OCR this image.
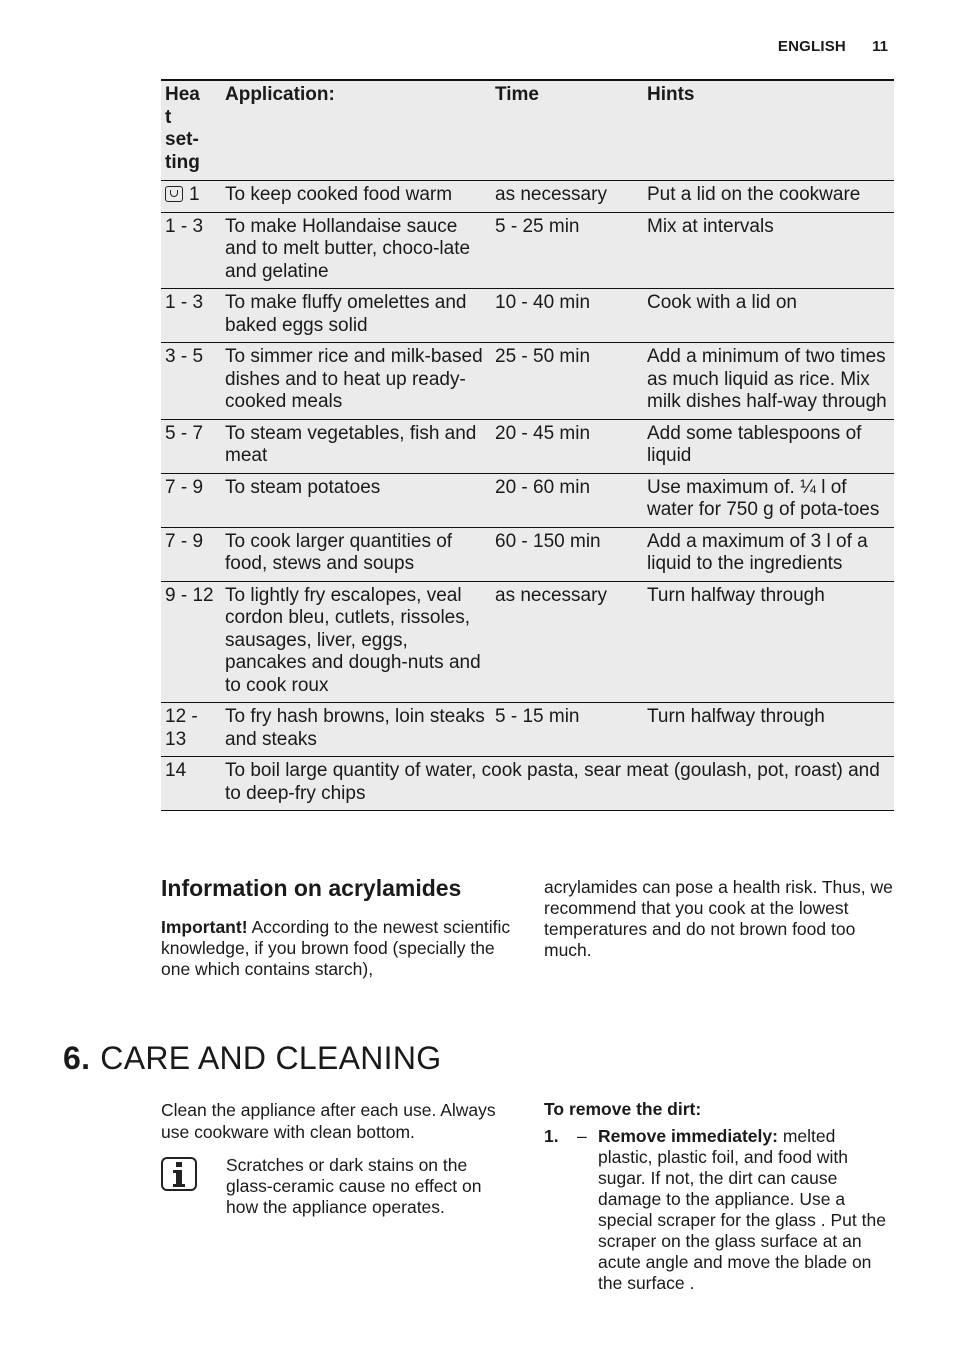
ENGLISH 11
Hea
t
set-
ting	Application:	Time	Hints
1	To keep cooked food warm	as necessary	Put a lid on the cookware
1 - 3	To make Hollandaise sauce and to melt butter, choco-late and gelatine	5 - 25 min	Mix at intervals
1 - 3	To make fluffy omelettes and baked eggs solid	10 - 40 min	Cook with a lid on
3 - 5	To simmer rice and milk-based dishes and to heat up ready-cooked meals	25 - 50 min	Add a minimum of two times as much liquid as rice. Mix milk dishes half-way through
5 - 7	To steam vegetables, fish and meat	20 - 45 min	Add some tablespoons of liquid
7 - 9	To steam potatoes	20 - 60 min	Use maximum of. ¼ l of water for 750 g of pota-toes
7 - 9	To cook larger quantities of food, stews and soups	60 - 150 min	Add a maximum of 3 l of a liquid to the ingredients
9 - 12	To lightly fry escalopes, veal cordon bleu, cutlets, rissoles, sausages, liver, eggs, pancakes and dough-nuts and to cook roux	as necessary	Turn halfway through
12 - 13	To fry hash browns, loin steaks and steaks	5 - 15 min	Turn halfway through
14	To boil large quantity of water, cook pasta, sear meat (goulash, pot, roast) and to deep-fry chips		
Information on acrylamides

Important! According to the newest scientific knowledge, if you brown food (specially the one which contains starch),

acrylamides can pose a health risk. Thus, we recommend that you cook at the lowest temperatures and do not brown food too much.

6. CARE AND CLEANING

Clean the appliance after each use. Always use cookware with clean bottom.

Scratches or dark stains on the glass-ceramic cause no effect on how the appliance operates.

To remove the dirt:

1. – Remove immediately: melted plastic, plastic foil, and food with sugar. If not, the dirt can cause damage to the appliance. Use a special scraper for the glass . Put the scraper on the glass surface at an acute angle and move the blade on the surface .
